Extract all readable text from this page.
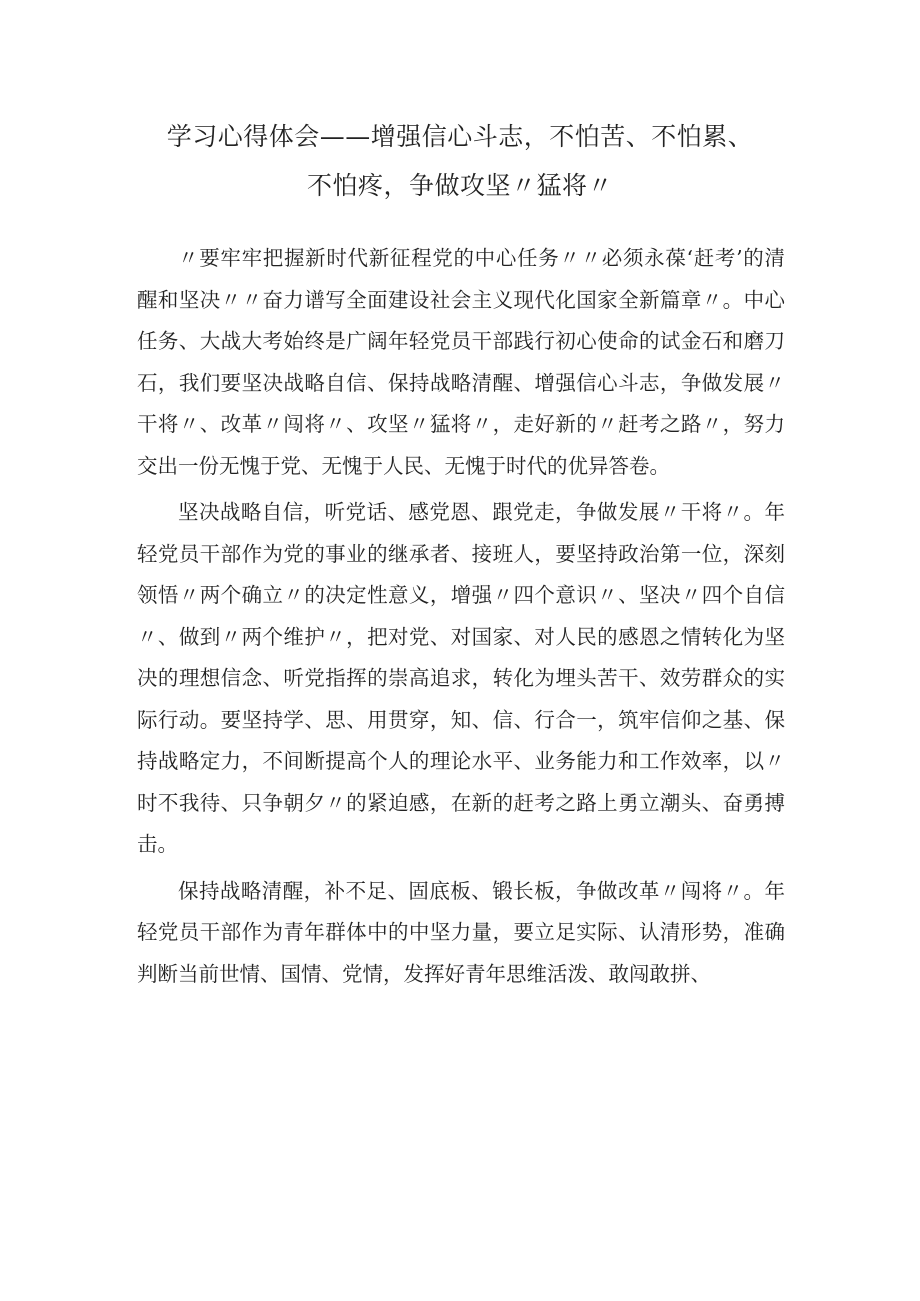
学习心得体会——增强信心斗志，不怕苦、不怕累、
不怕疼，争做攻坚〃猛将〃

〃要牢牢把握新时代新征程党的中心任务〃〃必须永葆‘赶考’的清醒和坚决〃〃奋力谱写全面建设社会主义现代化国家全新篇章〃。中心任务、大战大考始终是广阔年轻党员干部践行初心使命的试金石和磨刀石，我们要坚决战略自信、保持战略清醒、增强信心斗志，争做发展〃干将〃、改革〃闯将〃、攻坚〃猛将〃，走好新的〃赶考之路〃，努力交出一份无愧于党、无愧于人民、无愧于时代的优异答卷。

坚决战略自信，听党话、感党恩、跟党走，争做发展〃干将〃。年轻党员干部作为党的事业的继承者、接班人，要坚持政治第一位，深刻领悟〃两个确立〃的决定性意义，增强〃四个意识〃、坚决〃四个自信〃、做到〃两个维护〃，把对党、对国家、对人民的感恩之情转化为坚决的理想信念、听党指挥的崇高追求，转化为埋头苦干、效劳群众的实际行动。要坚持学、思、用贯穿，知、信、行合一，筑牢信仰之基、保持战略定力，不间断提高个人的理论水平、业务能力和工作效率，以〃时不我待、只争朝夕〃的紧迫感，在新的赶考之路上勇立潮头、奋勇搏击。

保持战略清醒，补不足、固底板、锻长板，争做改革〃闯将〃。年轻党员干部作为青年群体中的中坚力量，要立足实际、认清形势，准确判断当前世情、国情、党情，发挥好青年思维活泼、敢闯敢拼、
